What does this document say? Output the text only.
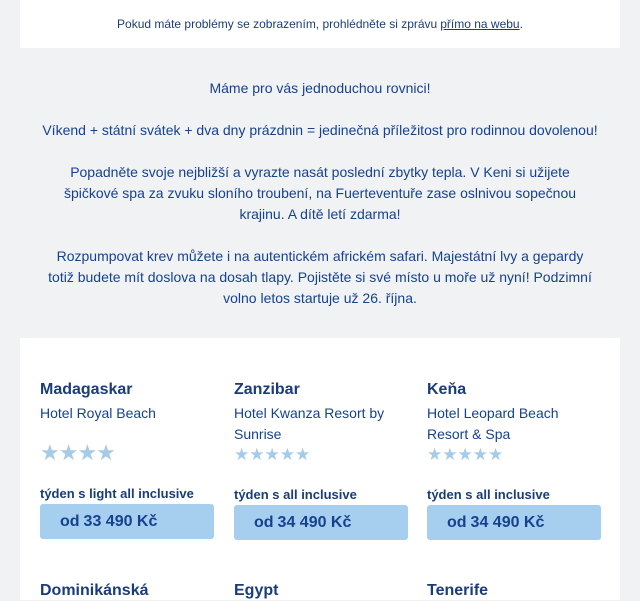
Pokud máte problémy se zobrazením, prohlédněte si zprávu přímo na webu .

Máme pro vás jednoduchou rovnici!

Víkend + státní svátek + dva dny prázdnin = jedinečná příležitost pro rodinnou dovolenou!

Popadněte svoje nejbližší a vyrazte nasát poslední zbytky tepla. V Keni si užijete špičkové spa za zvuku sloního troubení, na Fuerteventuře zase oslnivou sopečnou krajinu. A dítě letí zdarma!

Rozpumpovat krev můžete i na autentickém africkém safari. Majestátní lvy a gepardy totiž budete mít doslova na dosah tlapy. Pojistěte si své místo u moře už nyní! Podzimní volno letos startuje už 26. října.

Madagaskar
Hotel Royal Beach
★★★★
týden s light all inclusive
od 33 490 Kč
Zanzibar
Hotel Kwanza Resort by Sunrise
★★★★★
týden s all inclusive
od 34 490 Kč
Keňa
Hotel Leopard Beach Resort & Spa
★★★★★
týden s all inclusive
od 34 490 Kč
Dominikánská	Egypt	Tenerife
